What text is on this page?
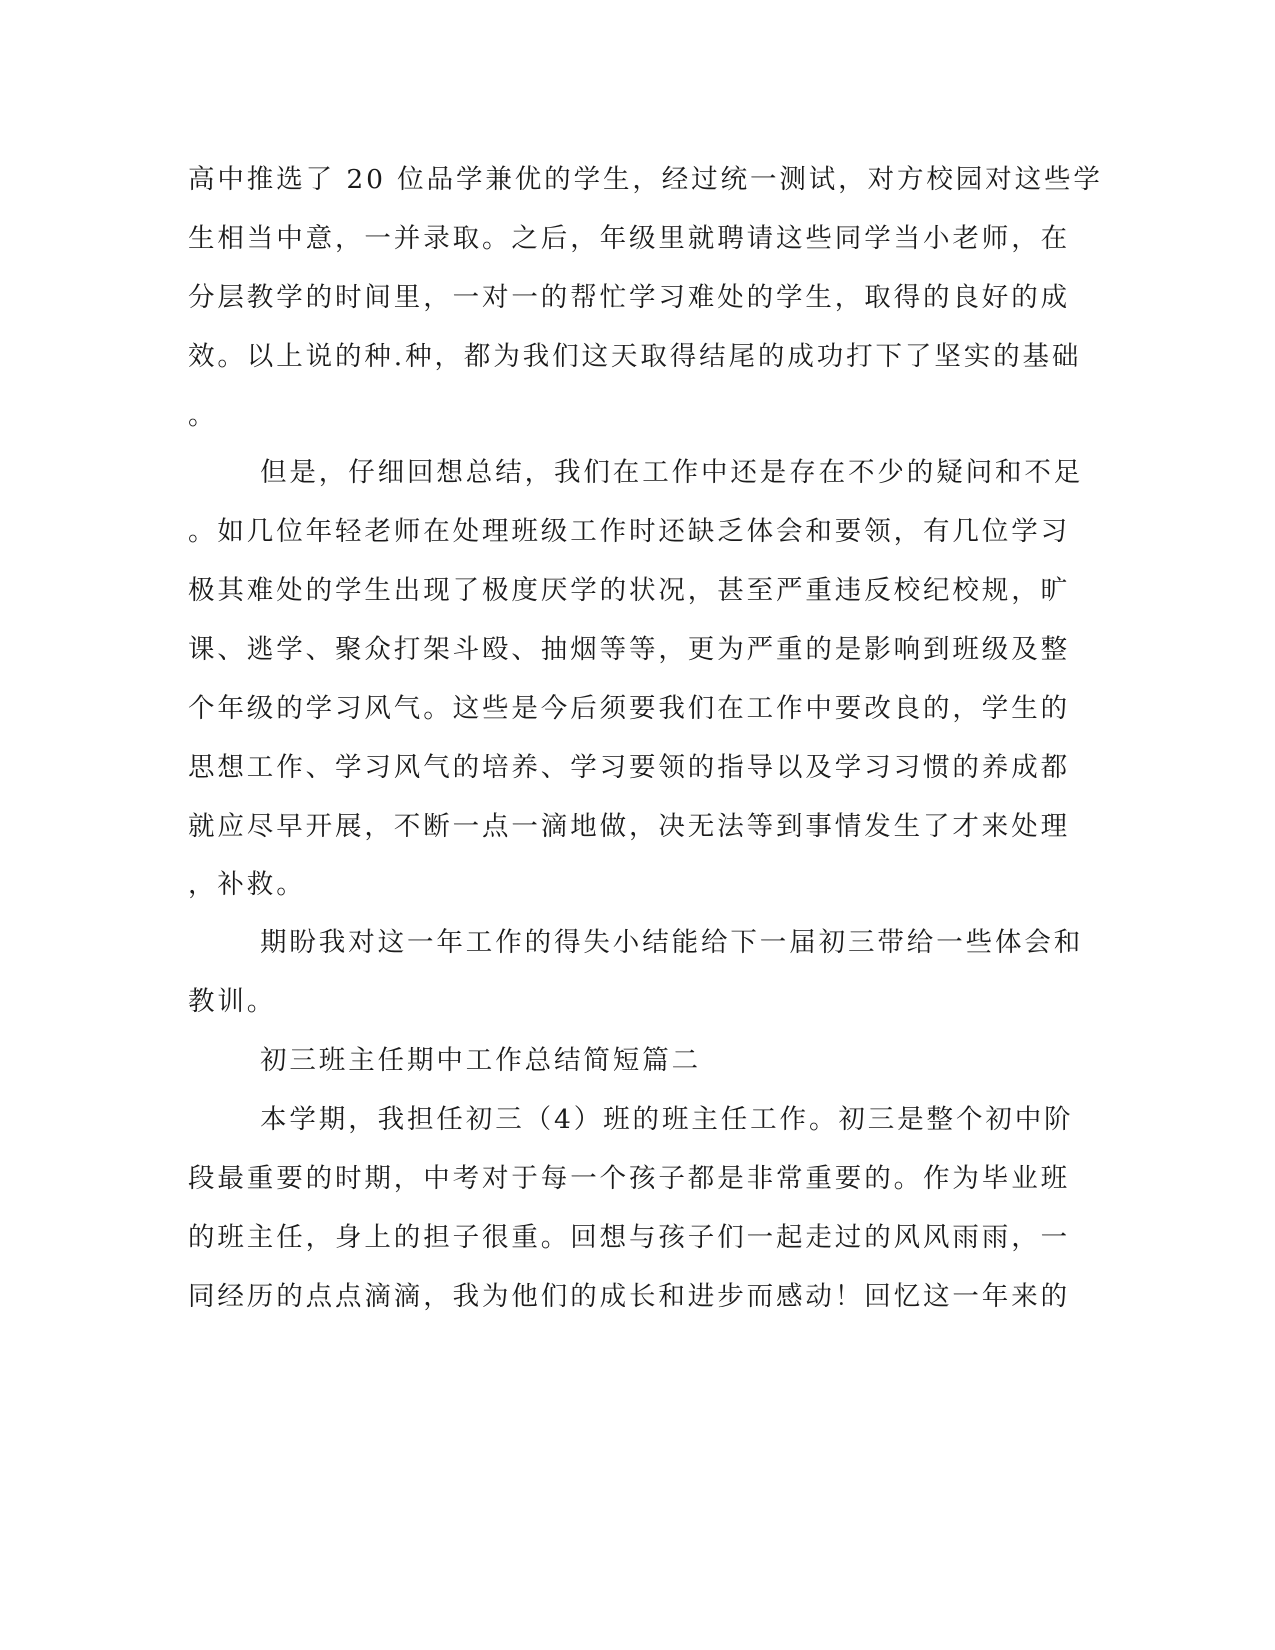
高中推选了 20 位品学兼优的学生，经过统一测试，对方校园对这些学
生相当中意，一并录取。之后，年级里就聘请这些同学当小老师，在
分层教学的时间里，一对一的帮忙学习难处的学生，取得的良好的成
效。以上说的种.种，都为我们这天取得结尾的成功打下了坚实的基础
。
但是，仔细回想总结，我们在工作中还是存在不少的疑问和不足
。如几位年轻老师在处理班级工作时还缺乏体会和要领，有几位学习
极其难处的学生出现了极度厌学的状况，甚至严重违反校纪校规，旷
课、逃学、聚众打架斗殴、抽烟等等，更为严重的是影响到班级及整
个年级的学习风气。这些是今后须要我们在工作中要改良的，学生的
思想工作、学习风气的培养、学习要领的指导以及学习习惯的养成都
就应尽早开展，不断一点一滴地做，决无法等到事情发生了才来处理
，补救。
期盼我对这一年工作的得失小结能给下一届初三带给一些体会和
教训。
初三班主任期中工作总结简短篇二
本学期，我担任初三（4）班的班主任工作。初三是整个初中阶
段最重要的时期，中考对于每一个孩子都是非常重要的。作为毕业班
的班主任，身上的担子很重。回想与孩子们一起走过的风风雨雨，一
同经历的点点滴滴，我为他们的成长和进步而感动！回忆这一年来的
